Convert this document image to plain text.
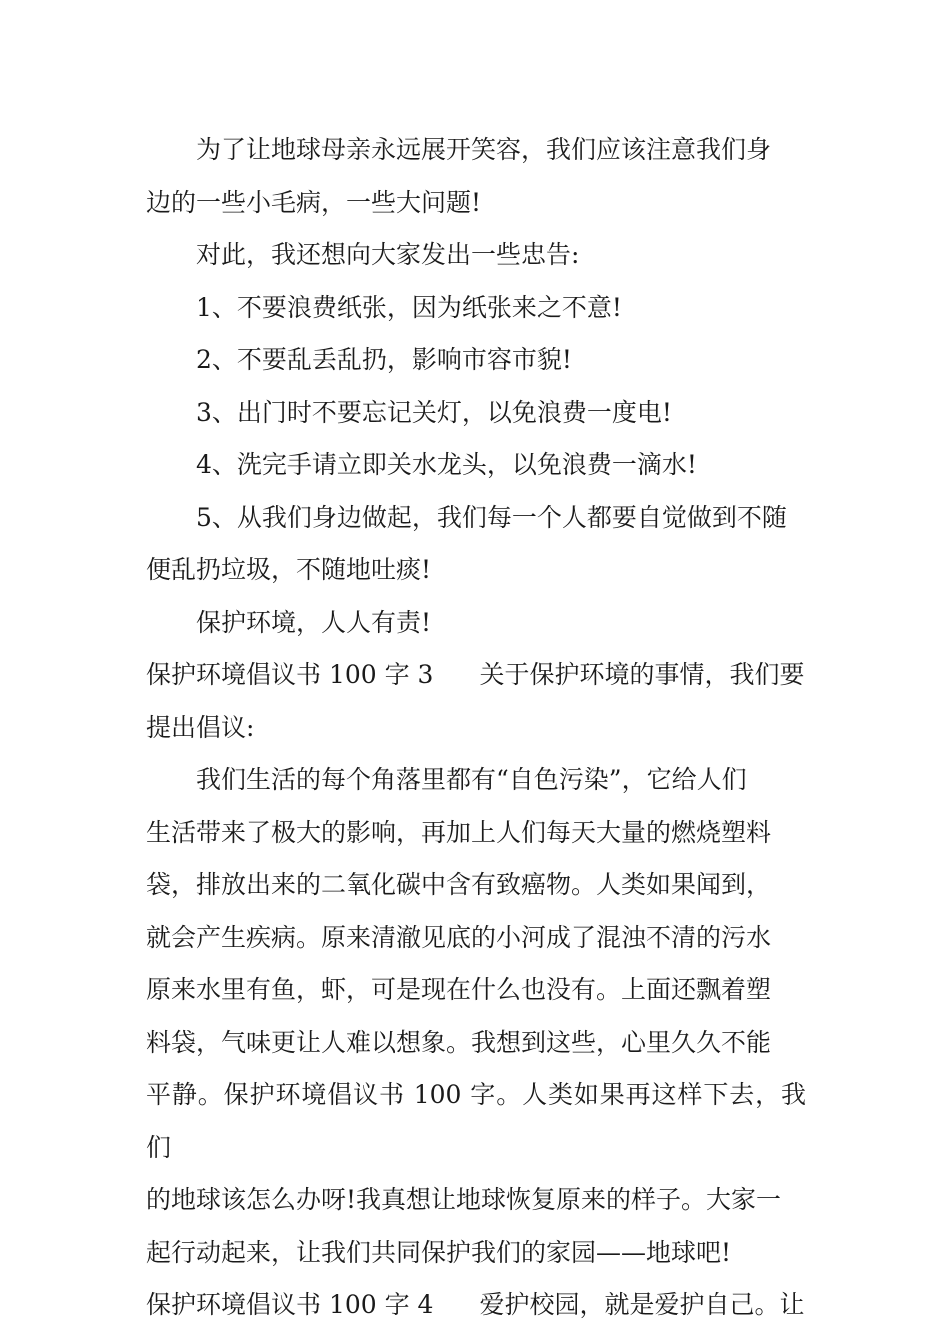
为了让地球母亲永远展开笑容，我们应该注意我们身
边的一些小毛病，一些大问题!

对此，我还想向大家发出一些忠告:

1、不要浪费纸张，因为纸张来之不意!

2、不要乱丢乱扔，影响市容市貌!

3、出门时不要忘记关灯，以免浪费一度电!

4、洗完手请立即关水龙头，以免浪费一滴水!

5、从我们身边做起，我们每一个人都要自觉做到不随
便乱扔垃圾，不随地吐痰!

保护环境，人人有责!

保护环境倡议书 100 字 3 关于保护环境的事情，我们要
提出倡议:

我们生活的每个角落里都有“自色污染”，它给人们
生活带来了极大的影响，再加上人们每天大量的燃烧塑料
袋，排放出来的二氧化碳中含有致癌物。人类如果闻到，
就会产生疾病。原来清澈见底的小河成了混浊不清的污水
原来水里有鱼，虾，可是现在什么也没有。上面还飘着塑
料袋，气味更让人难以想象。我想到这些，心里久久不能
平静。保护环境倡议书 100 字。人类如果再这样下去，我们
的地球该怎么办呀!我真想让地球恢复原来的样子。大家一
起行动起来，让我们共同保护我们的家园——地球吧!

保护环境倡议书 100 字 4 爱护校园，就是爱护自己。让
